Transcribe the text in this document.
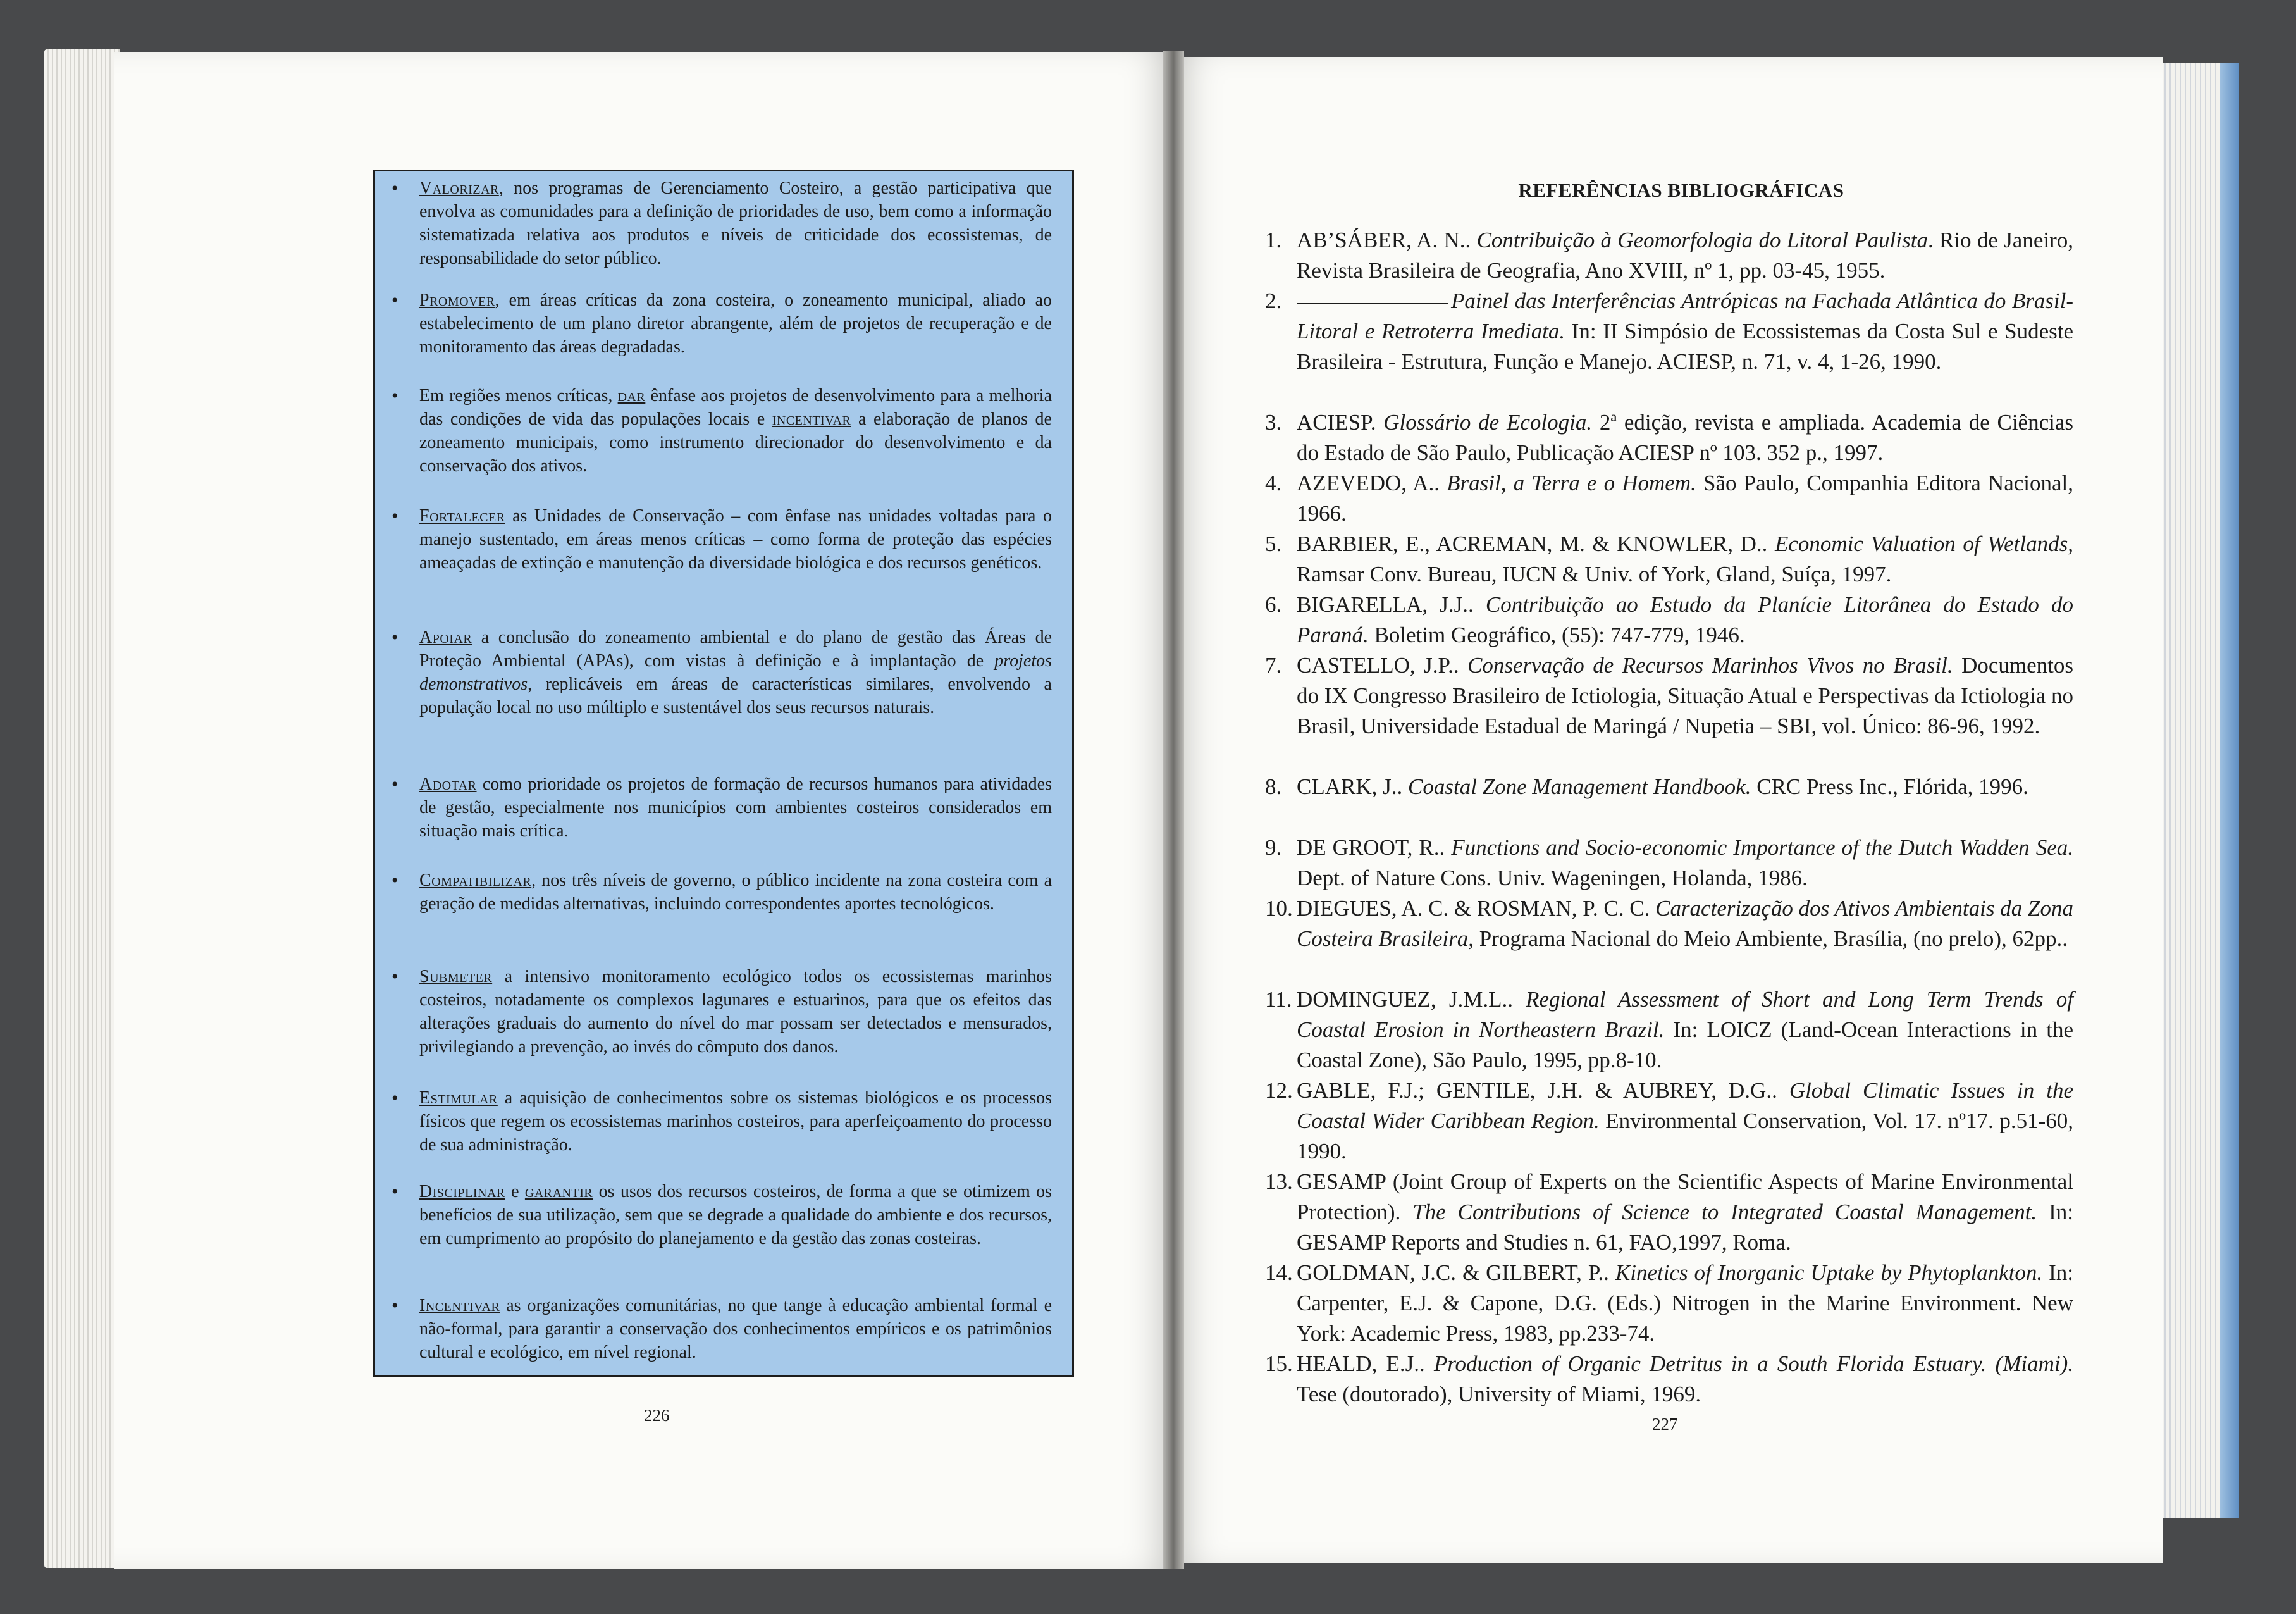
• Valorizar, nos programas de Gerenciamento Costeiro, a gestão participativa que envolva as comunidades para a definição de prioridades de uso, bem como a informação sistematizada relativa aos produtos e níveis de criticidade dos ecossistemas, de responsabilidade do setor público.
• Promover, em áreas críticas da zona costeira, o zoneamento municipal, aliado ao estabelecimento de um plano diretor abrangente, além de projetos de recuperação e de monitoramento das áreas degradadas.
• Em regiões menos críticas, dar ênfase aos projetos de desenvolvimento para a melhoria das condições de vida das populações locais e incentivar a elaboração de planos de zoneamento municipais, como instrumento direcionador do desenvolvimento e da conservação dos ativos.
• Fortalecer as Unidades de Conservação – com ênfase nas unidades voltadas para o manejo sustentado, em áreas menos críticas – como forma de proteção das espécies ameaçadas de extinção e manutenção da diversidade biológica e dos recursos genéticos.
• Apoiar a conclusão do zoneamento ambiental e do plano de gestão das Áreas de Proteção Ambiental (APAs), com vistas à definição e à implantação de projetos demonstrativos, replicáveis em áreas de características similares, envolvendo a população local no uso múltiplo e sustentável dos seus recursos naturais.
• Adotar como prioridade os projetos de formação de recursos humanos para atividades de gestão, especialmente nos municípios com ambientes costeiros considerados em situação mais crítica.
• Compatibilizar, nos três níveis de governo, o público incidente na zona costeira com a geração de medidas alternativas, incluindo correspondentes aportes tecnológicos.
• Submeter a intensivo monitoramento ecológico todos os ecossistemas marinhos costeiros, notadamente os complexos lagunares e estuarinos, para que os efeitos das alterações graduais do aumento do nível do mar possam ser detectados e mensurados, privilegiando a prevenção, ao invés do cômputo dos danos.
• Estimular a aquisição de conhecimentos sobre os sistemas biológicos e os processos físicos que regem os ecossistemas marinhos costeiros, para aperfeiçoamento do processo de sua administração.
• Disciplinar e garantir os usos dos recursos costeiros, de forma a que se otimizem os benefícios de sua utilização, sem que se degrade a qualidade do ambiente e dos recursos, em cumprimento ao propósito do planejamento e da gestão das zonas costeiras.
• Incentivar as organizações comunitárias, no que tange à educação ambiental formal e não-formal, para garantir a conservação dos conhecimentos empíricos e os patrimônios cultural e ecológico, em nível regional.
226
REFERÊNCIAS BIBLIOGRÁFICAS
1. AB’SÁBER, A. N.. Contribuição à Geomorfologia do Litoral Paulista. Rio de Janeiro, Revista Brasileira de Geografia, Ano XVIII, nº 1, pp. 03-45, 1955.
2.	Painel das Interferências Antrópicas na Fachada Atlântica do Brasil-Litoral e Retroterra Imediata. In: II Simpósio de Ecossistemas da Costa Sul e Sudeste Brasileira - Estrutura, Função e Manejo. ACIESP, n. 71, v. 4, 1-26, 1990.
3. ACIESP. Glossário de Ecologia. 2ª edição, revista e ampliada. Academia de Ciências do Estado de São Paulo, Publicação ACIESP nº 103. 352 p., 1997.
4. AZEVEDO, A.. Brasil, a Terra e o Homem. São Paulo, Companhia Editora Nacional, 1966.
5. BARBIER, E., ACREMAN, M. & KNOWLER, D.. Economic Valuation of Wetlands, Ramsar Conv. Bureau, IUCN & Univ. of York, Gland, Suíça, 1997.
6. BIGARELLA, J.J.. Contribuição ao Estudo da Planície Litorânea do Estado do Paraná. Boletim Geográfico, (55): 747-779, 1946.
7. CASTELLO, J.P.. Conservação de Recursos Marinhos Vivos no Brasil. Documentos do IX Congresso Brasileiro de Ictiologia, Situação Atual e Perspectivas da Ictiologia no Brasil, Universidade Estadual de Maringá / Nupetia – SBI, vol. Único: 86-96, 1992.
8. CLARK, J.. Coastal Zone Management Handbook. CRC Press Inc., Flórida, 1996.
9. DE GROOT, R.. Functions and Socio-economic Importance of the Dutch Wadden Sea. Dept. of Nature Cons. Univ. Wageningen, Holanda, 1986.
10. DIEGUES, A. C. & ROSMAN, P. C. C. Caracterização dos Ativos Ambientais da Zona Costeira Brasileira, Programa Nacional do Meio Ambiente, Brasília, (no prelo), 62pp..
11. DOMINGUEZ, J.M.L.. Regional Assessment of Short and Long Term Trends of Coastal Erosion in Northeastern Brazil. In: LOICZ (Land-Ocean Interactions in the Coastal Zone), São Paulo, 1995, pp.8-10.
12. GABLE, F.J.; GENTILE, J.H. & AUBREY, D.G.. Global Climatic Issues in the Coastal Wider Caribbean Region. Environmental Conservation, Vol. 17. nº17. p.51-60, 1990.
13. GESAMP (Joint Group of Experts on the Scientific Aspects of Marine Environmental Protection). The Contributions of Science to Integrated Coastal Management. In: GESAMP Reports and Studies n. 61, FAO,1997, Roma.
14. GOLDMAN, J.C. & GILBERT, P.. Kinetics of Inorganic Uptake by Phytoplankton. In: Carpenter, E.J. & Capone, D.G. (Eds.) Nitrogen in the Marine Environment. New York: Academic Press, 1983, pp.233-74.
15. HEALD, E.J.. Production of Organic Detritus in a South Florida Estuary. (Miami). Tese (doutorado), University of Miami, 1969.
227
